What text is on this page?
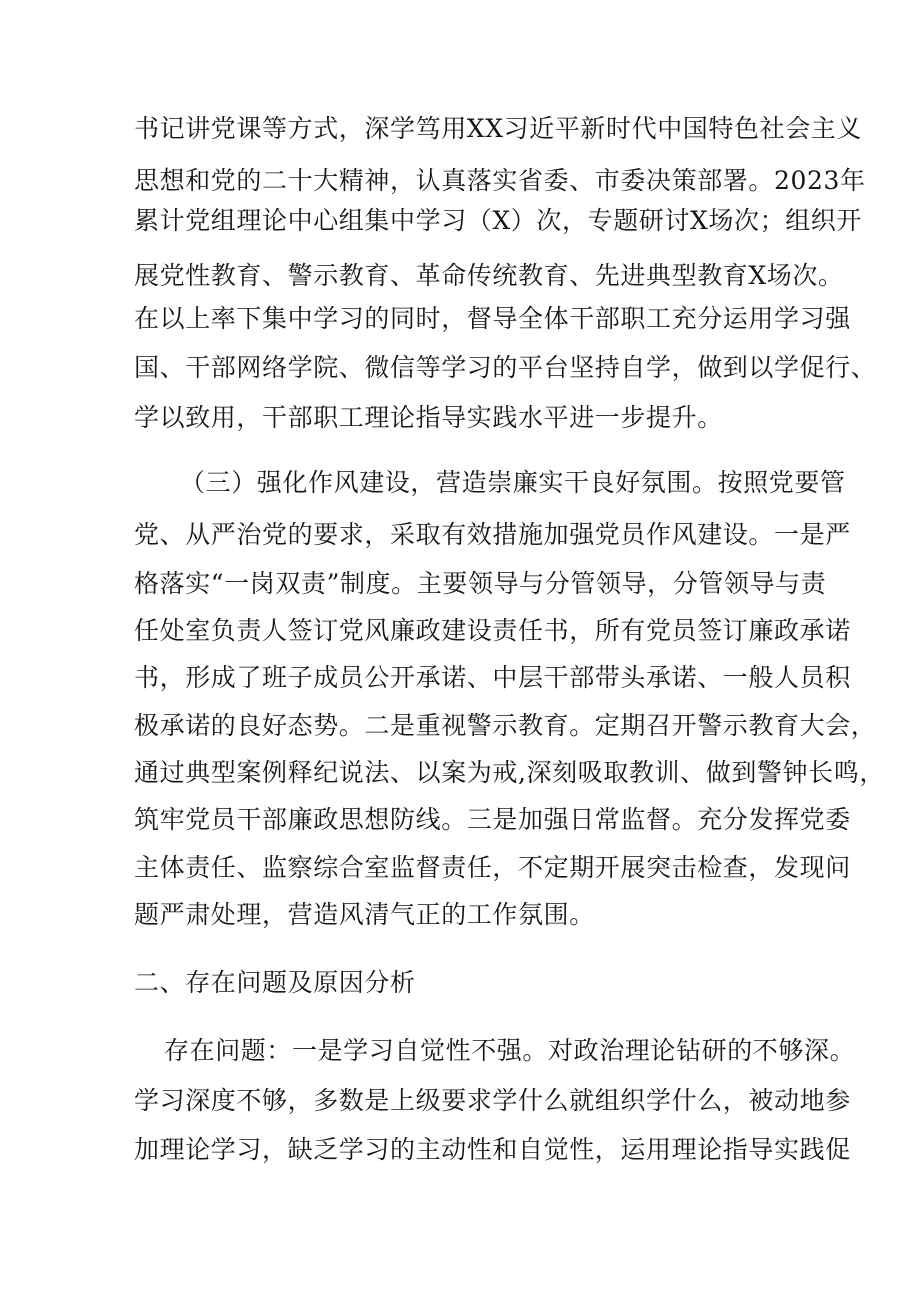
书记讲党课等方式，深学笃用XX习近平新时代中国特色社会主义
思想和党的二十大精神，认真落实省委、市委决策部署。2023年
累计党组理论中心组集中学习（X）次，专题研讨X场次；组织开
展党性教育、警示教育、革命传统教育、先进典型教育X场次。
在以上率下集中学习的同时，督导全体干部职工充分运用学习强
国、干部网络学院、微信等学习的平台坚持自学，做到以学促行、
学以致用，干部职工理论指导实践水平进一步提升。
（三）强化作风建设，营造崇廉实干良好氛围。按照党要管
党、从严治党的要求，采取有效措施加强党员作风建设。一是严
格落实“一岗双责”制度。主要领导与分管领导，分管领导与责
任处室负责人签订党风廉政建设责任书，所有党员签订廉政承诺
书，形成了班子成员公开承诺、中层干部带头承诺、一般人员积
极承诺的良好态势。二是重视警示教育。定期召开警示教育大会，
通过典型案例释纪说法、以案为戒,深刻吸取教训、做到警钟长鸣，
筑牢党员干部廉政思想防线。三是加强日常监督。充分发挥党委
主体责任、监察综合室监督责任，不定期开展突击检查，发现问
题严肃处理，营造风清气正的工作氛围。
二、存在问题及原因分析
存在问题：一是学习自觉性不强。对政治理论钻研的不够深。
学习深度不够，多数是上级要求学什么就组织学什么，被动地参
加理论学习，缺乏学习的主动性和自觉性，运用理论指导实践促
